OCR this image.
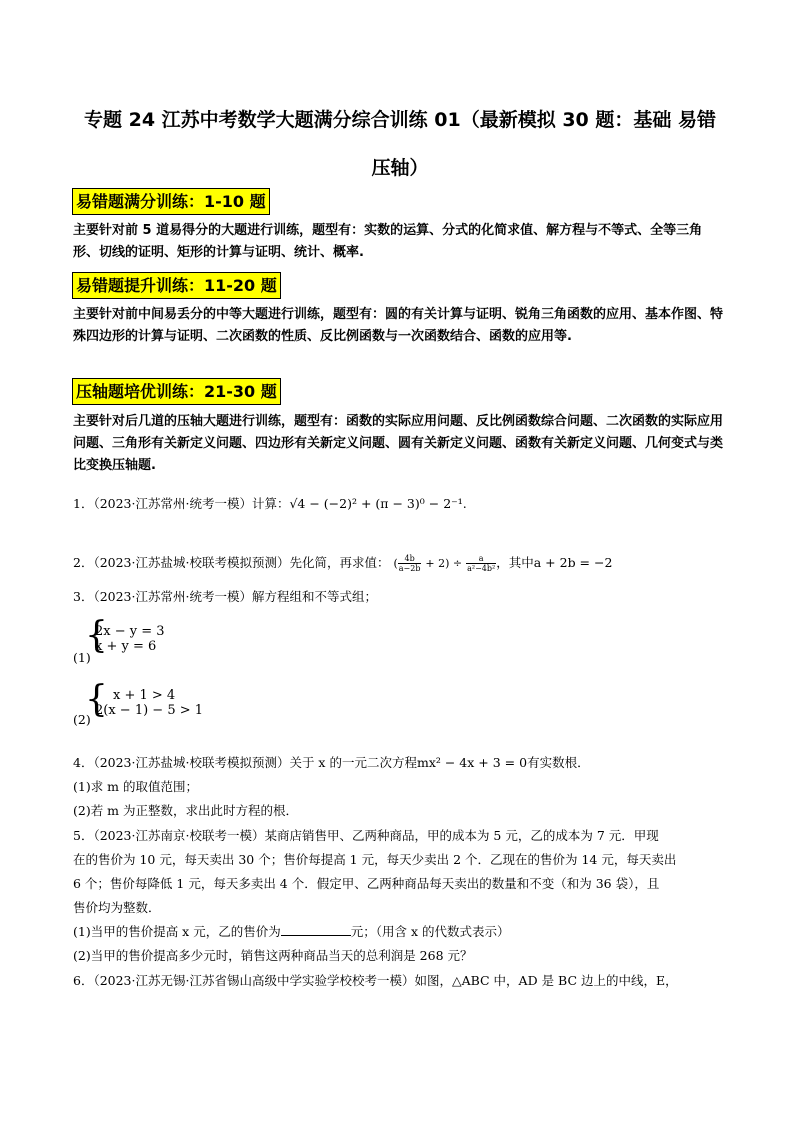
专题 24 江苏中考数学大题满分综合训练 01（最新模拟 30 题：基础 易错
压轴）
易错题满分训练：1-10 题
主要针对前 5 道易得分的大题进行训练，题型有：实数的运算、分式的化简求值、解方程与不等式、全等三角形、切线的证明、矩形的计算与证明、统计、概率.
易错题提升训练：11-20 题
主要针对前中间易丢分的中等大题进行训练，题型有：圆的有关计算与证明、锐角三角函数的应用、基本作图、特殊四边形的计算与证明、二次函数的性质、反比例函数与一次函数结合、函数的应用等.
压轴题培优训练：21-30 题
主要针对后几道的压轴大题进行训练，题型有：函数的实际应用问题、反比例函数综合问题、二次函数的实际应用问题、三角形有关新定义问题、四边形有关新定义问题、圆有关新定义问题、函数有关新定义问题、几何变式与类比变换压轴题.
1．（2023·江苏常州·统考一模）计算：√4 − (−2)² + (π − 3)⁰ − 2⁻¹.
2．（2023·江苏盐城·校联考模拟预测）先化简，再求值： ( $\frac{4b}{a-2b} + 2) \div \frac{a}{\text{a²−4b²}}$ ，其中a + 2b = −2
3．（2023·江苏常州·统考一模）解方程组和不等式组；
{
2x − y = 3
x + y = 6
(1)
{ x + 1 > 4
2(x − 1) − 5 > 1
(2)
4．（2023·江苏盐城·校联考模拟预测）关于 x 的一元二次方程mx² − 4x + 3 = 0有实数根．
(1)求 m 的取值范围；
(2)若 m 为正整数，求出此时方程的根．
5．（2023·江苏南京·校联考一模）某商店销售甲、乙两种商品，甲的成本为 5 元，乙的成本为 7 元．甲现
在的售价为 10 元，每天卖出 30 个；售价每提高 1 元，每天少卖出 2 个．乙现在的售价为 14 元，每天卖出
6 个；售价每降低 1 元，每天多卖出 4 个．假定甲、乙两种商品每天卖出的数量和不变（和为 36 袋），且
售价均为整数．
(1)当甲的售价提高 x 元，乙的售价为	元；（用含 x 的代数式表示）
(2)当甲的售价提高多少元时，销售这两种商品当天的总利润是 268 元？
6．（2023·江苏无锡·江苏省锡山高级中学实验学校校考一模）如图，△ABC 中，AD 是 BC 边上的中线，E，
